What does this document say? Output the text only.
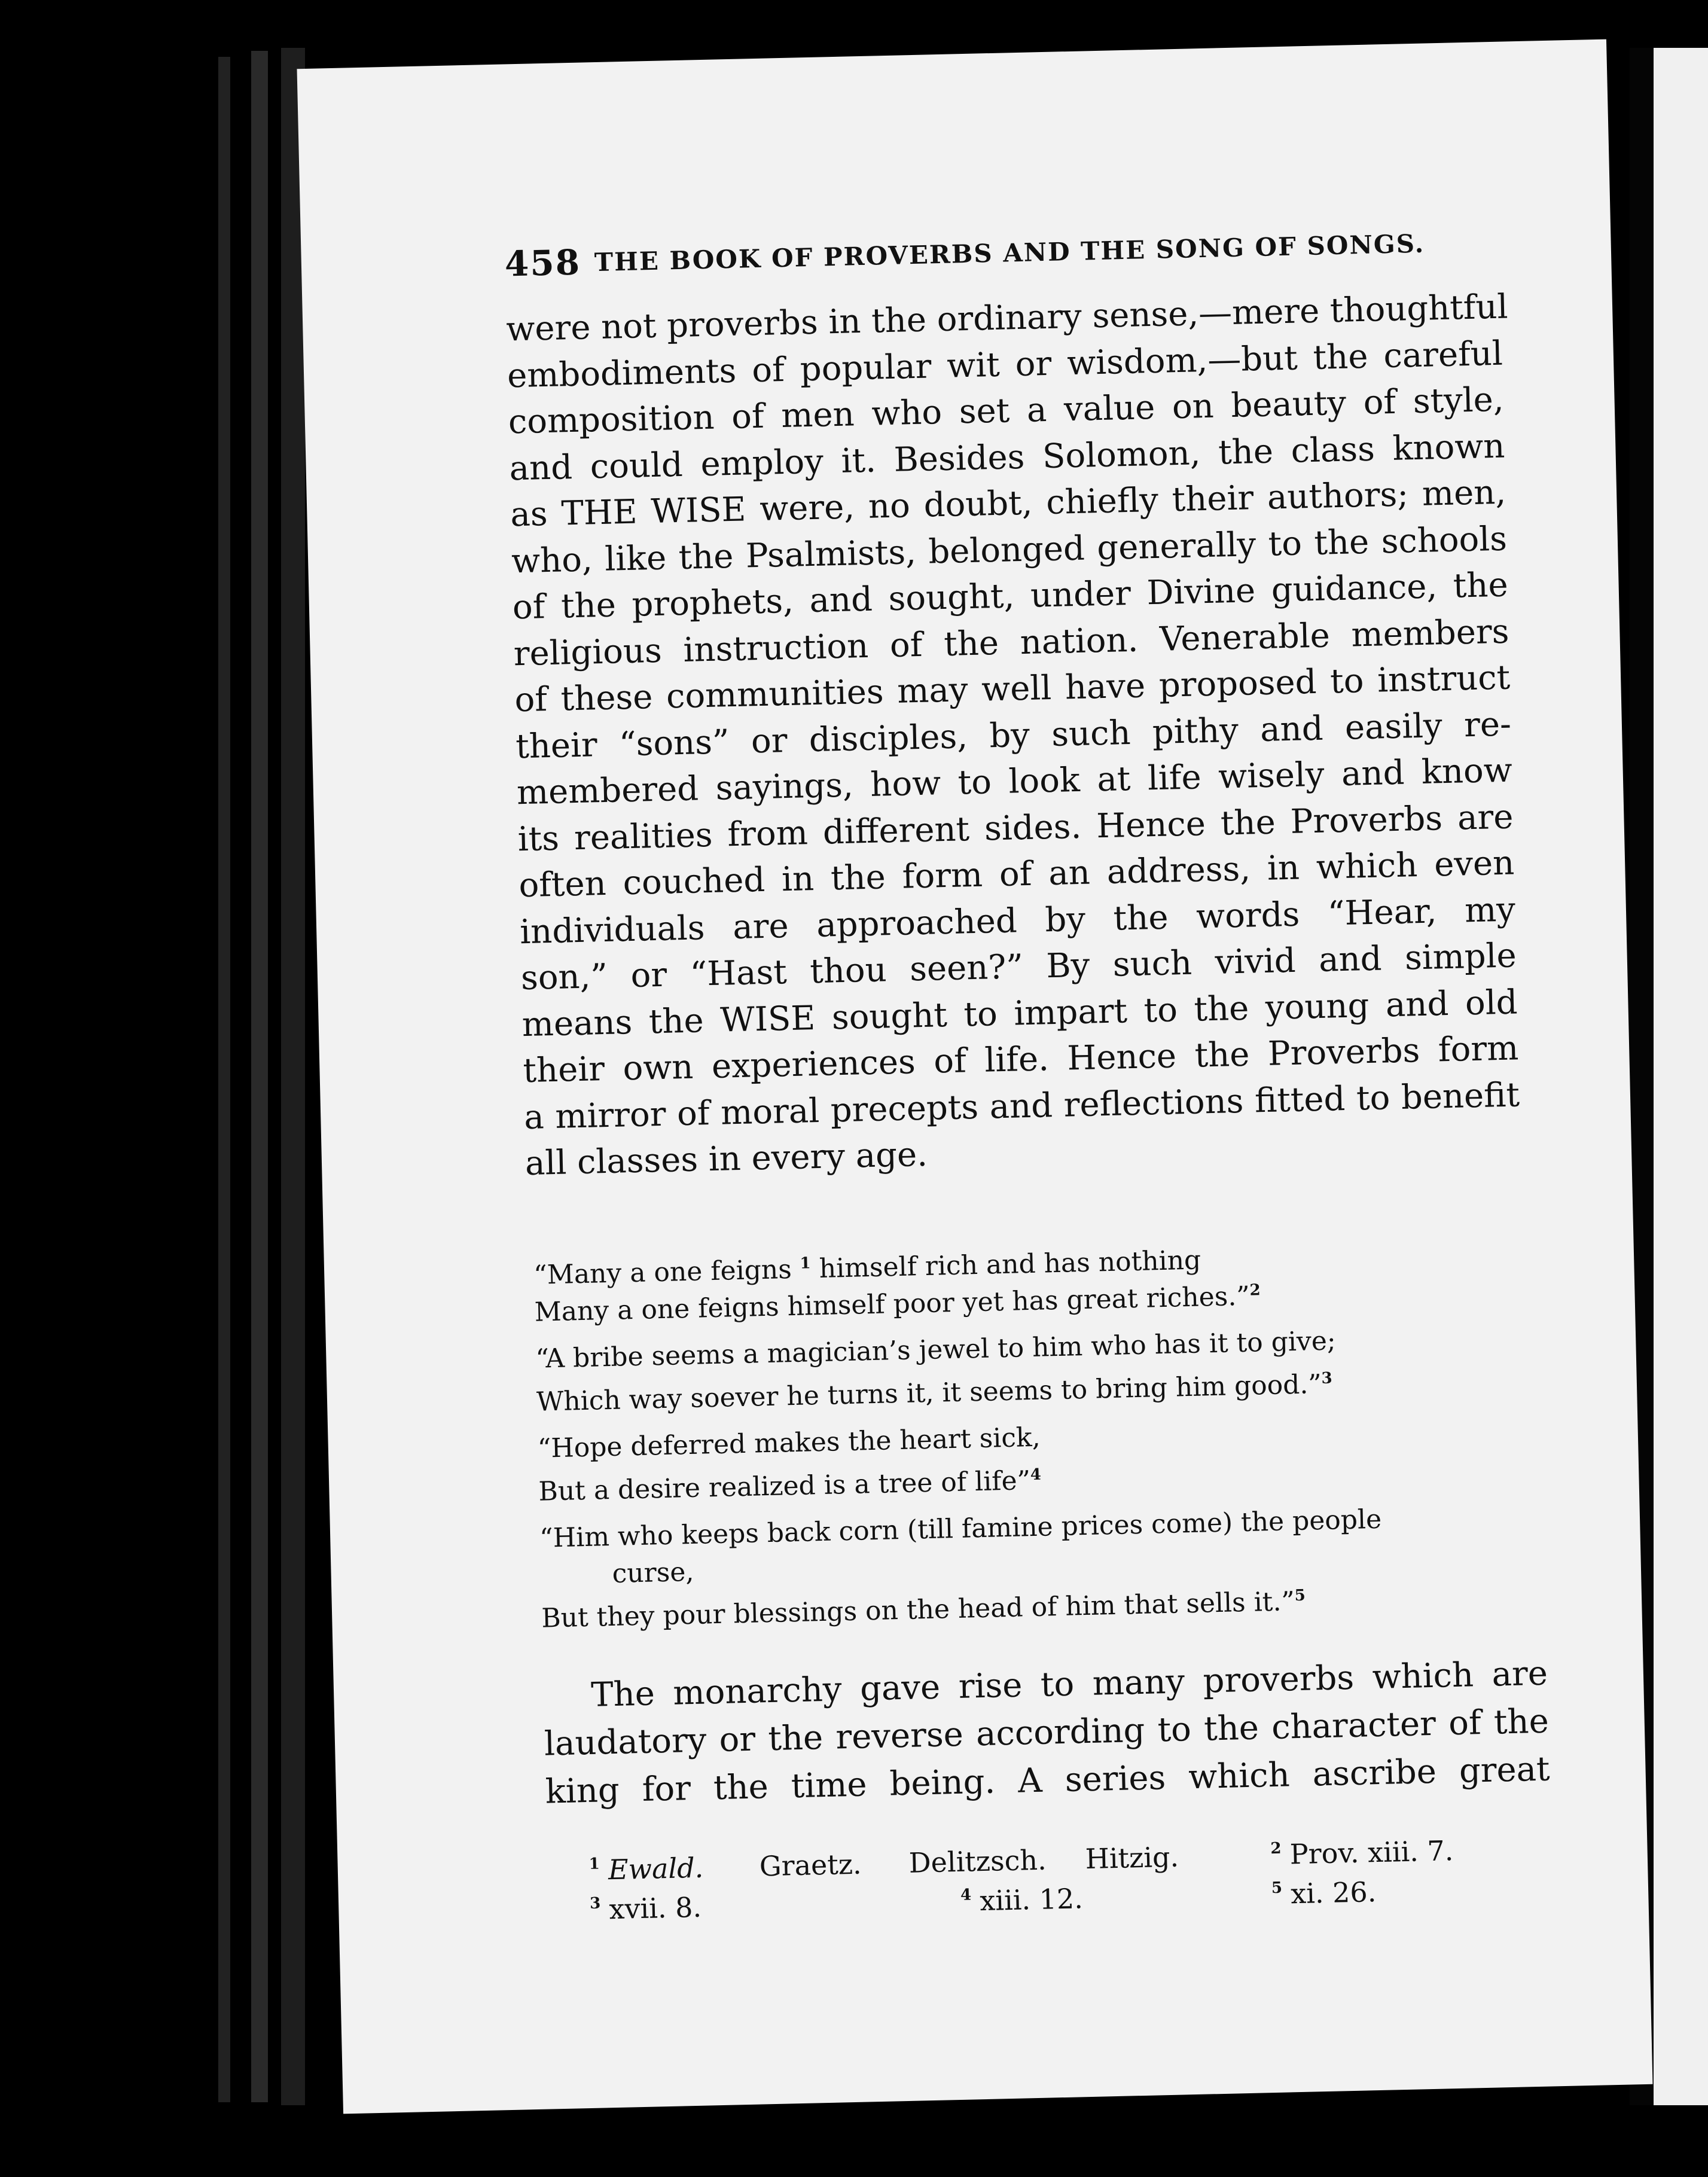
458 THE BOOK OF PROVERBS AND THE SONG OF SONGS.
were not proverbs in the ordinary sense,—mere thoughtful
embodiments of popular wit or wisdom,—but the careful
composition of men who set a value on beauty of style,
and could employ it. Besides Solomon, the class known
as THE WISE were, no doubt, chiefly their authors; men,
who, like the Psalmists, belonged generally to the schools
of the prophets, and sought, under Divine guidance, the
religious instruction of the nation. Venerable members
of these communities may well have proposed to instruct
their “sons” or disciples, by such pithy and easily re-
membered sayings, how to look at life wisely and know
its realities from different sides. Hence the Proverbs are
often couched in the form of an address, in which even
individuals are approached by the words “Hear, my
son,” or “Hast thou seen?” By such vivid and simple
means the WISE sought to impart to the young and old
their own experiences of life. Hence the Proverbs form
a mirror of moral precepts and reflections fitted to benefit
all classes in every age.
“Many a one feigns $^1$ himself rich and has nothing
Many a one feigns himself poor yet has great riches.”$^2$
“A bribe seems a magician’s jewel to him who has it to give;
Which way soever he turns it, it seems to bring him good.”$^3$
“Hope deferred makes the heart sick,
But a desire realized is a tree of life”$^4$
“Him who keeps back corn (till famine prices come) the people
curse,
But they pour blessings on the head of him that sells it.”$^5$
The monarchy gave rise to many proverbs which are
laudatory or the reverse according to the character of the
king for the time being. A series which ascribe great
$^1$ Ewald. Graetz. Delitzsch. Hitzig.	$^2$ Prov. xiii. 7.
$^3$ xvii. 8.	$^4$ xiii. 12.	$^5$ xi. 26.
